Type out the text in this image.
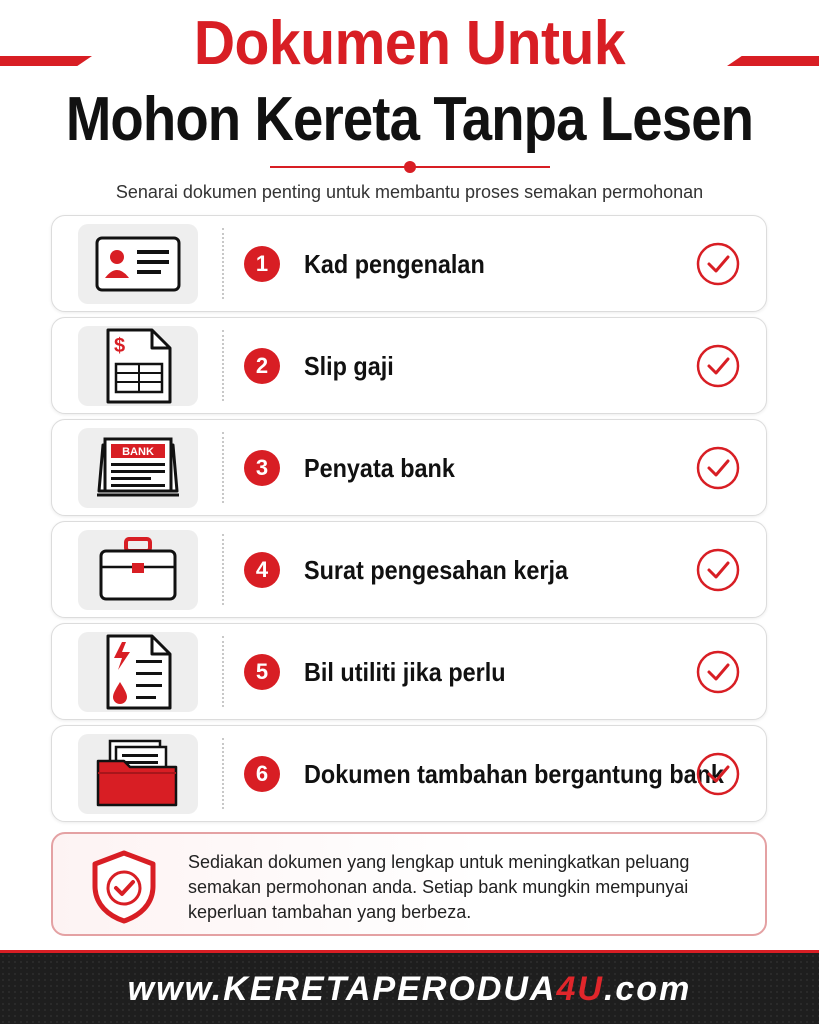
Dokumen Untuk
Mohon Kereta Tanpa Lesen

Senarai dokumen penting untuk membantu proses semakan permohonan

1	Kad pengenalan
$
2	Slip gaji
BANK
3	Penyata bank
4	Surat pengesahan kerja
5	Bil utiliti jika perlu
6	Dokumen tambahan bergantung bank

Sediakan dokumen yang lengkap untuk meningkatkan peluang semakan permohonan anda. Setiap bank mungkin mempunyai keperluan tambahan yang berbeza.

www.KERETAPERODUA4U.com
